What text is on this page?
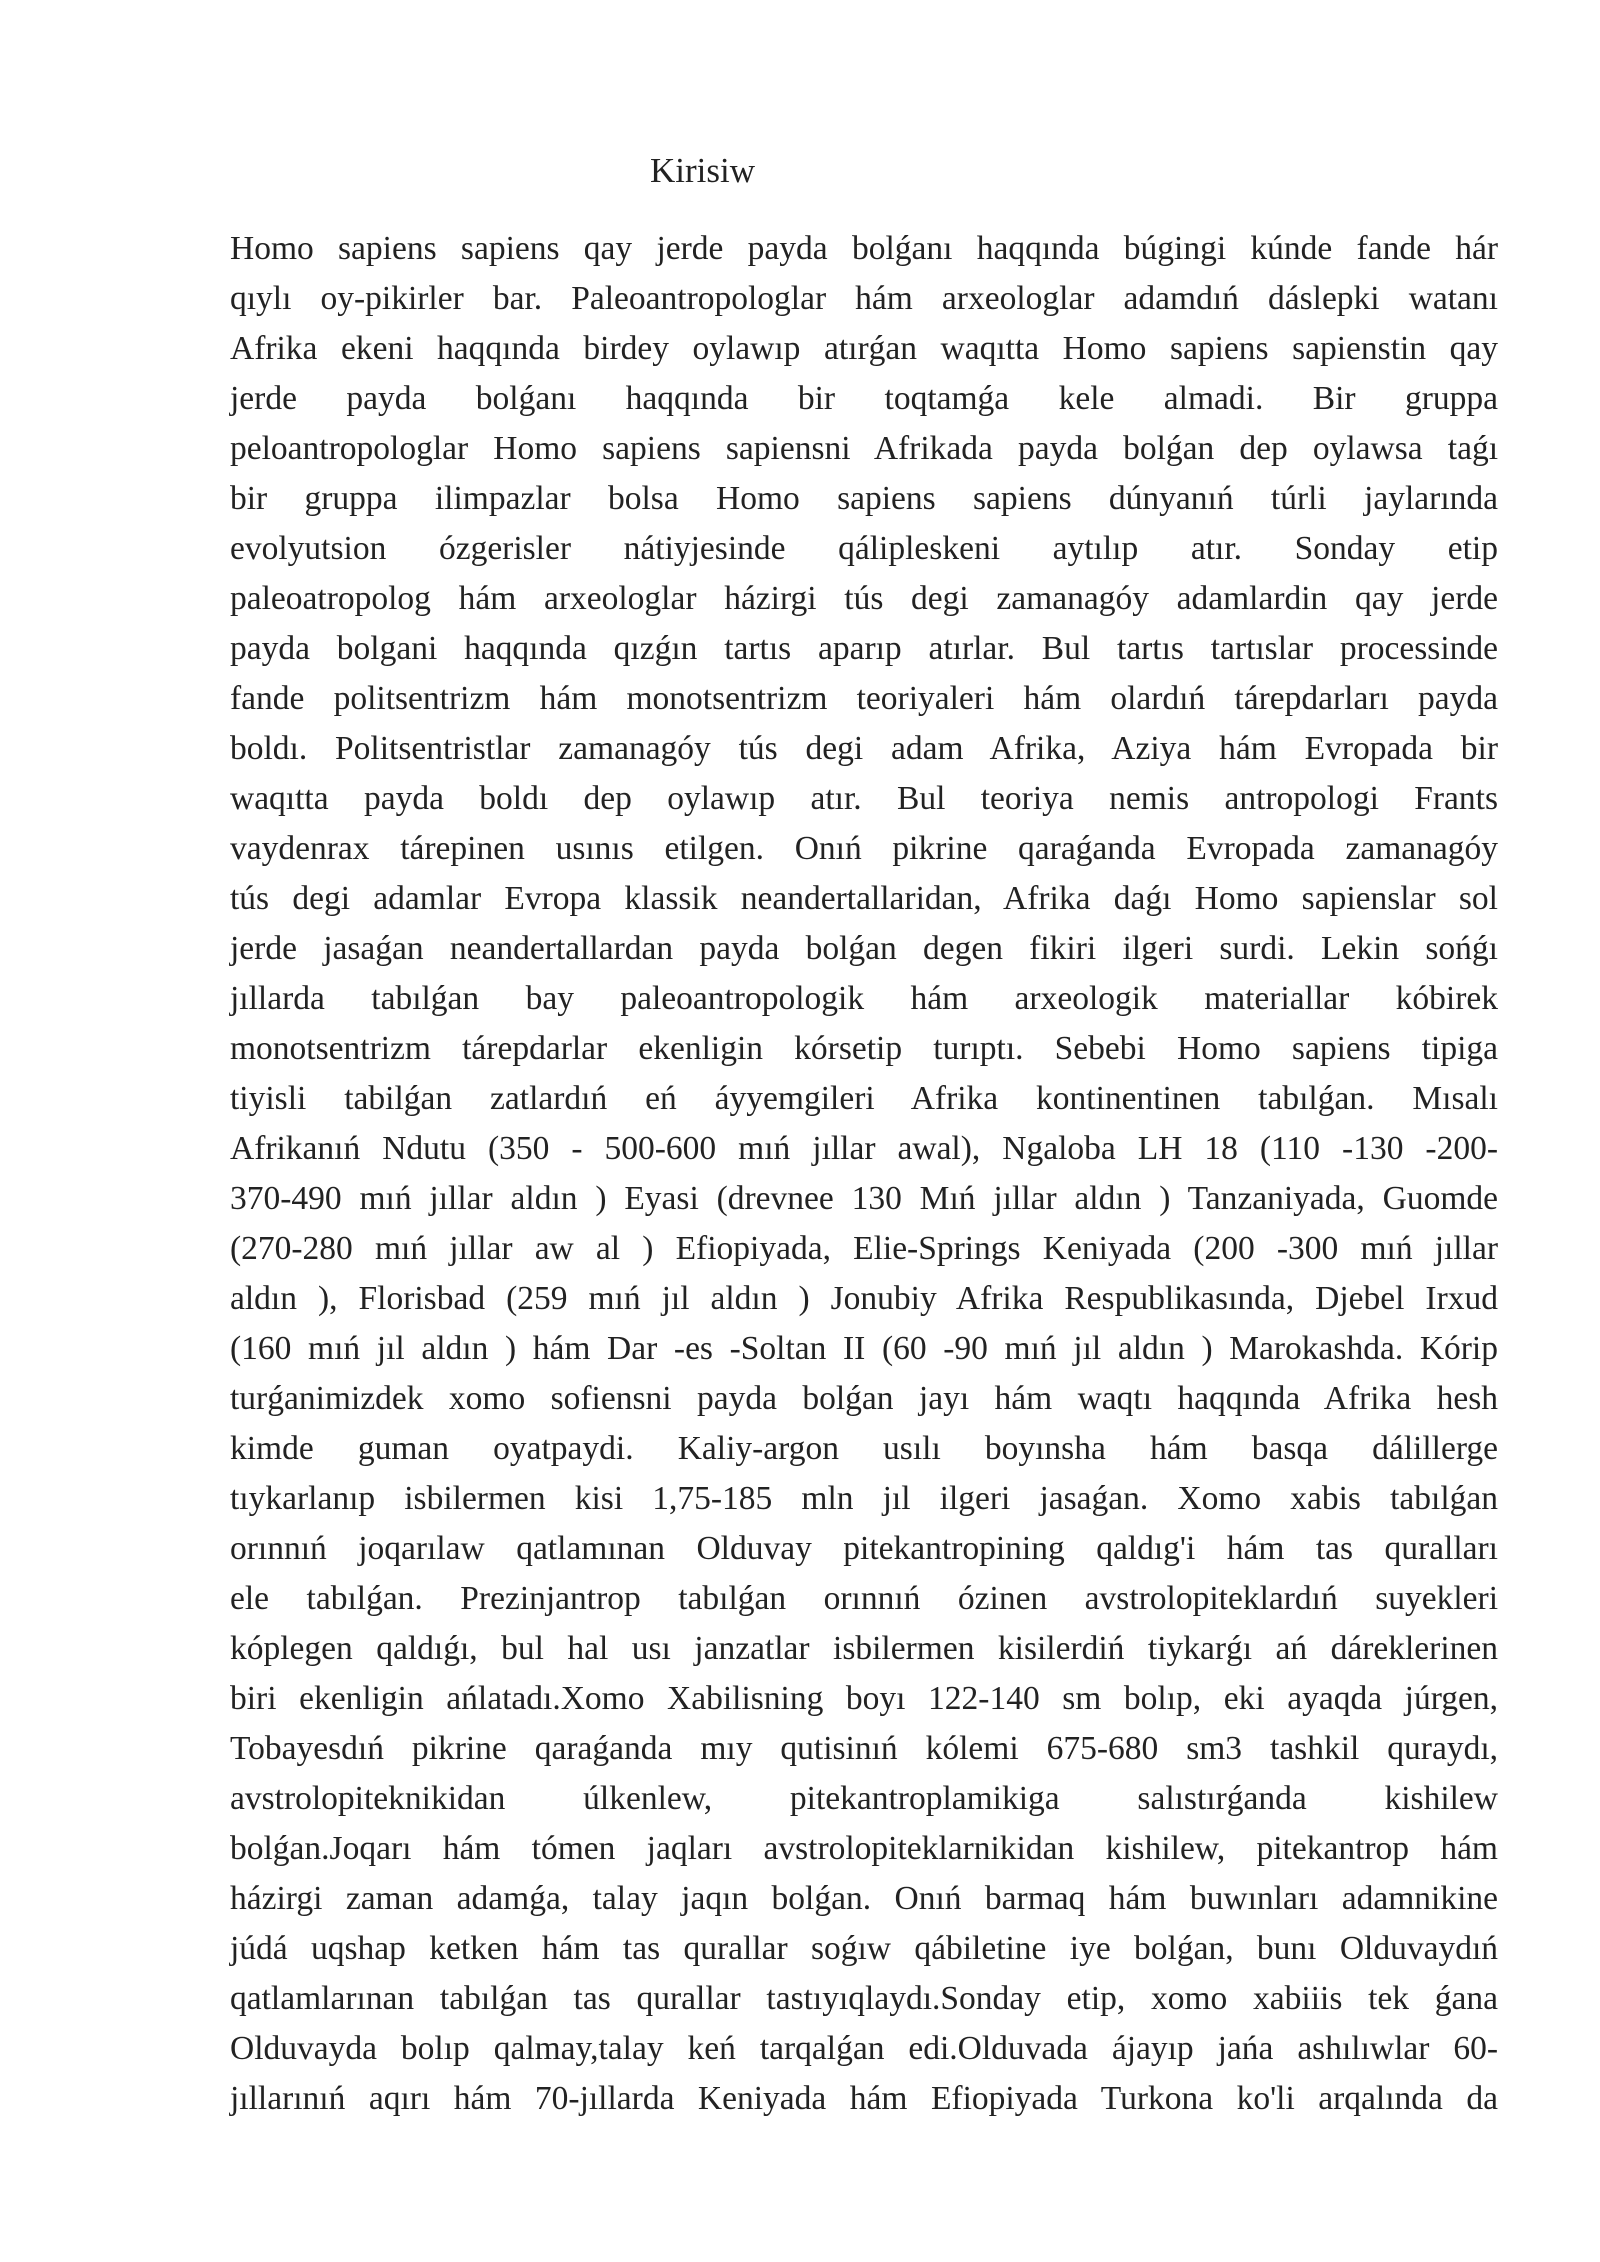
Kirisiw
Homo sapiens sapiens qay jerde payda bolǵanı haqqında búgingi kúnde fande hár
qıylı oy-pikirler bar. Paleoantropologlar hám arxeologlar adamdıń dáslepki watanı
Afrika ekeni haqqında birdey oylawıp atırǵan waqıtta Homo sapiens sapienstin qay
jerde payda bolǵanı haqqında bir toqtamǵa kele almadi. Bir gruppa
peloantropologlar Homo sapiens sapiensni Afrikada payda bolǵan dep oylawsa taǵı
bir gruppa ilimpazlar bolsa Homo sapiens sapiens dúnyanıń túrli jaylarında
evolyutsion ózgerisler nátiyjesinde qálipleskeni aytılıp atır. Sonday etip
paleoatropolog hám arxeologlar házirgi tús degi zamanagóy adamlardin qay jerde
payda bolgani haqqında qızǵın tartıs aparıp atırlar. Bul tartıs tartıslar processinde
fande politsentrizm hám monotsentrizm teoriyaleri hám olardıń tárepdarları payda
boldı. Politsentristlar zamanagóy tús degi adam Afrika, Aziya hám Evropada bir
waqıtta payda boldı dep oylawıp atır. Bul teoriya nemis antropologi Frants
vaydenrax tárepinen usınıs etilgen. Onıń pikrine qaraǵanda Evropada zamanagóy
tús degi adamlar Evropa klassik neandertallaridan, Afrika daǵı Homo sapienslar sol
jerde jasaǵan neandertallardan payda bolǵan degen fikiri ilgeri surdi. Lekin sońǵı
jıllarda tabılǵan bay paleoantropologik hám arxeologik materiallar kóbirek
monotsentrizm tárepdarlar ekenligin kórsetip turıptı. Sebebi Homo sapiens tipiga
tiyisli tabilǵan zatlardıń eń áyyemgileri Afrika kontinentinen tabılǵan. Mısalı
Afrikanıń Ndutu (350 - 500-600 mıń jıllar awal), Ngaloba LH 18 (110 -130 -200-
370-490 mıń jıllar aldın ) Eyasi (drevnee 130 Mıń jıllar aldın ) Tanzaniyada, Guomde
(270-280 mıń jıllar aw al ) Efiopiyada, Elie-Springs Keniyada (200 -300 mıń jıllar
aldın ), Florisbad (259 mıń jıl aldın ) Jonubiy Afrika Respublikasında, Djebel Irxud
(160 mıń jıl aldın ) hám Dar -es -Soltan II (60 -90 mıń jıl aldın ) Marokashda. Kórip
turǵanimizdek xomo sofiensni payda bolǵan jayı hám waqtı haqqında Afrika hesh
kimde guman oyatpaydi. Kaliy-argon usılı boyınsha hám basqa dálillerge
tıykarlanıp isbilermen kisi 1,75-185 mln jıl ilgeri jasaǵan. Xomo xabis tabılǵan
orınnıń joqarılaw qatlamınan Olduvay pitekantropining qaldıg'i hám tas quralları
ele tabılǵan. Prezinjantrop tabılǵan orınnıń ózinen avstrolopiteklardıń suyekleri
kóplegen qaldıǵı, bul hal usı janzatlar isbilermen kisilerdiń tiykarǵı ań dáreklerinen
biri ekenligin ańlatadı.Xomo Xabilisning boyı 122-140 sm bolıp, eki ayaqda júrgen,
Tobayesdıń pikrine qaraǵanda mıy qutisinıń kólemi 675-680 sm3 tashkil quraydı,
avstrolopiteknikidan úlkenlew, pitekantroplamikiga salıstırǵanda kishilew
bolǵan.Joqarı hám tómen jaqları avstrolopiteklarnikidan kishilew, pitekantrop hám
házirgi zaman adamǵa, talay jaqın bolǵan. Onıń barmaq hám buwınları adamnikine
júdá uqshap ketken hám tas qurallar soǵıw qábiletine iye bolǵan, bunı Olduvaydıń
qatlamlarınan tabılǵan tas qurallar tastıyıqlaydı.Sonday etip, xomo xabiiis tek ǵana
Olduvayda bolıp qalmay,talay keń tarqalǵan edi.Olduvada ájayıp jańa ashılıwlar 60-
jıllarınıń aqırı hám 70-jıllarda Keniyada hám Efiopiyada Turkona ko'li arqalında da
